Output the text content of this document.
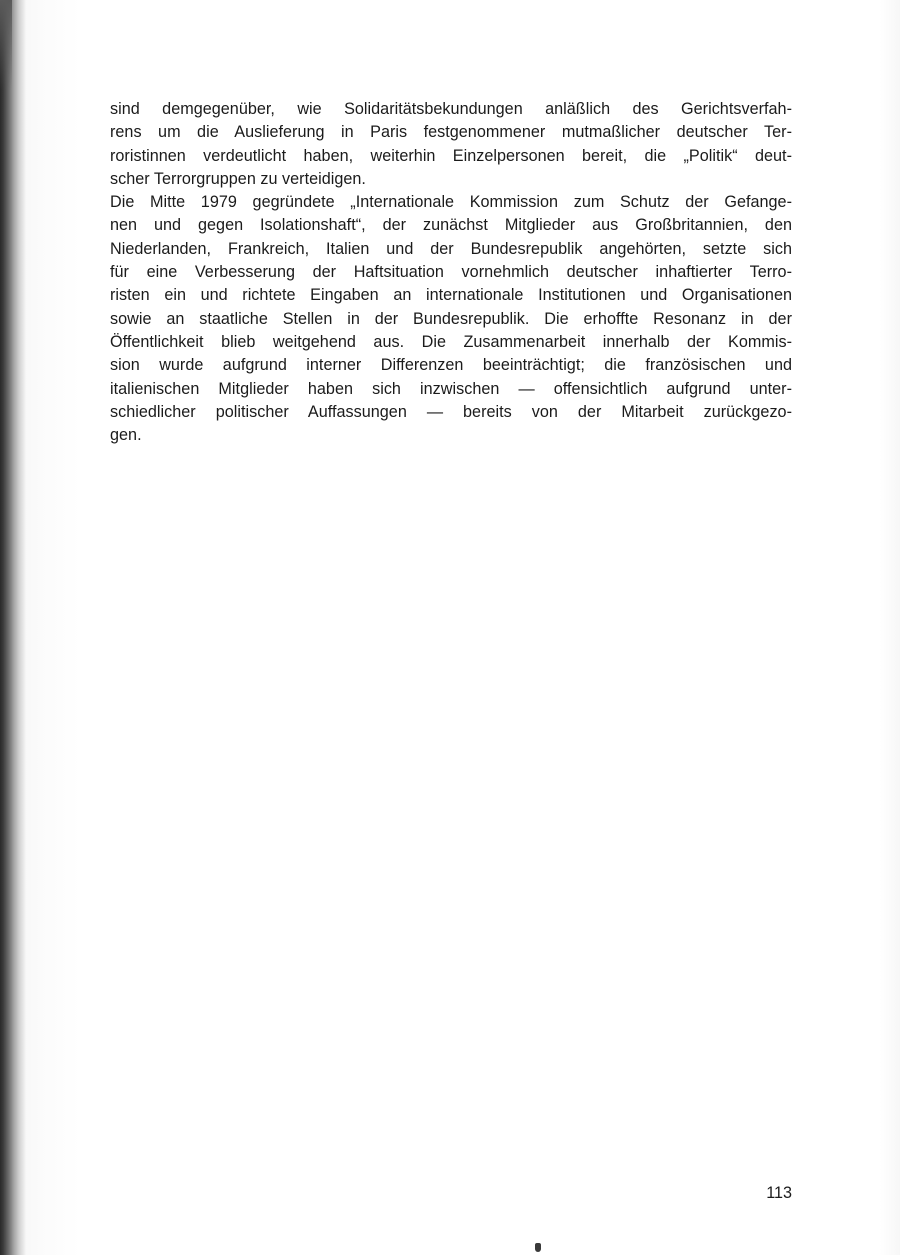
sind demgegenüber, wie Solidaritätsbekundungen anläßlich des Gerichtsverfah-
rens um die Auslieferung in Paris festgenommener mutmaßlicher deutscher Ter-
roristinnen verdeutlicht haben, weiterhin Einzelpersonen bereit, die „Politik“ deut-
scher Terrorgruppen zu verteidigen.

Die Mitte 1979 gegründete „Internationale Kommission zum Schutz der Gefange-
nen und gegen Isolationshaft“, der zunächst Mitglieder aus Großbritannien, den
Niederlanden, Frankreich, Italien und der Bundesrepublik angehörten, setzte sich
für eine Verbesserung der Haftsituation vornehmlich deutscher inhaftierter Terro-
risten ein und richtete Eingaben an internationale Institutionen und Organisationen
sowie an staatliche Stellen in der Bundesrepublik. Die erhoffte Resonanz in der
Öffentlichkeit blieb weitgehend aus. Die Zusammenarbeit innerhalb der Kommis-
sion wurde aufgrund interner Differenzen beeinträchtigt; die französischen und
italienischen Mitglieder haben sich inzwischen — offensichtlich aufgrund unter-
schiedlicher politischer Auffassungen — bereits von der Mitarbeit zurückgezo-
gen.

113
